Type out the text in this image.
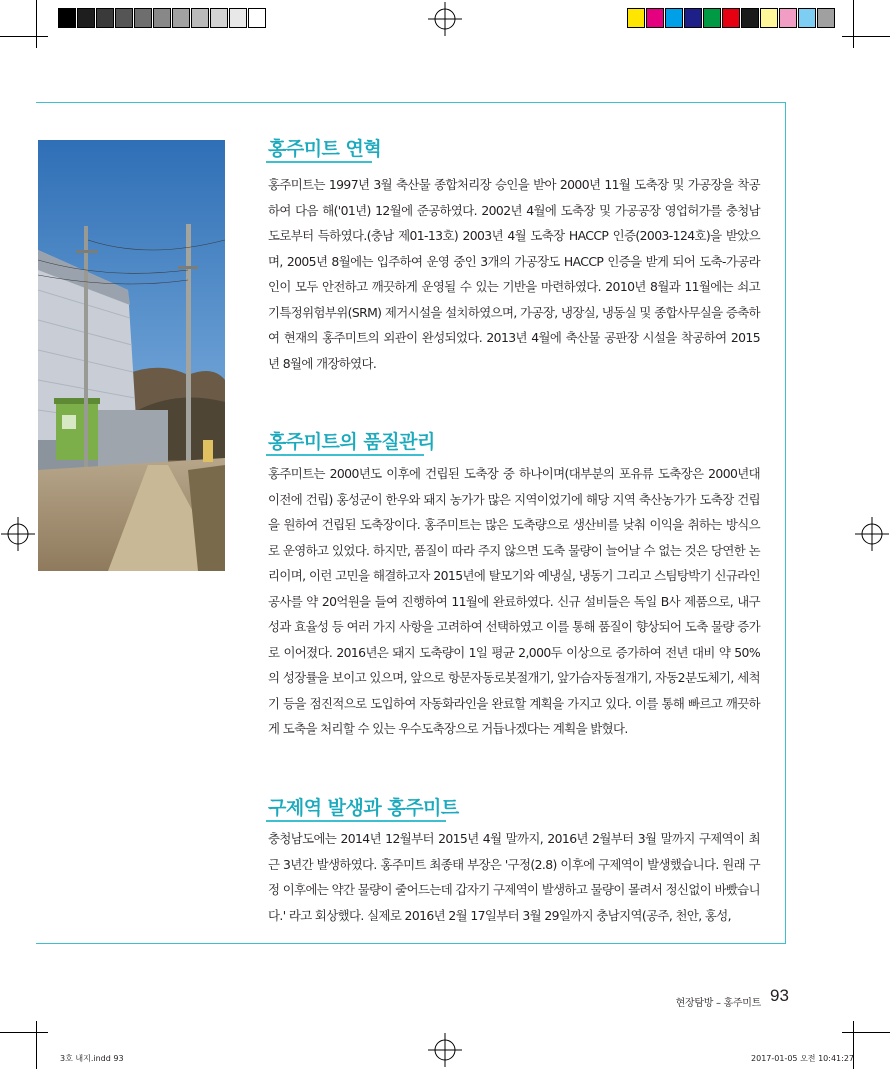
홍주미트 연혁
홍주미트는 1997년 3월 축산물 종합처리장 승인을 받아 2000년 11월 도축장 및 가공장을 착공하여 다음 해('01년) 12월에 준공하였다. 2002년 4월에 도축장 및 가공공장 영업허가를 충청남도로부터 득하였다.(충남 제01-13호) 2003년 4월 도축장 HACCP 인증(2003-124호)을 받았으며, 2005년 8월에는 입주하여 운영 중인 3개의 가공장도 HACCP 인증을 받게 되어 도축-가공라인이 모두 안전하고 깨끗하게 운영될 수 있는 기반을 마련하였다. 2010년 8월과 11월에는 쇠고기특정위험부위(SRM) 제거시설을 설치하였으며, 가공장, 냉장실, 냉동실 및 종합사무실을 증축하여 현재의 홍주미트의 외관이 완성되었다. 2013년 4월에 축산물 공판장 시설을 착공하여 2015년 8월에 개장하였다.
홍주미트의 품질관리
홍주미트는 2000년도 이후에 건립된 도축장 중 하나이며(대부분의 포유류 도축장은 2000년대 이전에 건립) 홍성군이 한우와 돼지 농가가 많은 지역이었기에 해당 지역 축산농가가 도축장 건립을 원하여 건립된 도축장이다. 홍주미트는 많은 도축량으로 생산비를 낮춰 이익을 취하는 방식으로 운영하고 있었다. 하지만, 품질이 따라 주지 않으면 도축 물량이 늘어날 수 없는 것은 당연한 논리이며, 이런 고민을 해결하고자 2015년에 탈모기와 예냉실, 냉동기 그리고 스팀탕박기 신규라인 공사를 약 20억원을 들여 진행하여 11월에 완료하였다. 신규 설비들은 독일 B사 제품으로, 내구성과 효율성 등 여러 가지 사항을 고려하여 선택하였고 이를 통해 품질이 향상되어 도축 물량 증가로 이어졌다. 2016년은 돼지 도축량이 1일 평균 2,000두 이상으로 증가하여 전년 대비 약 50%의 성장률을 보이고 있으며, 앞으로 항문자동로봇절개기, 앞가슴자동절개기, 자동2분도체기, 세척기 등을 점진적으로 도입하여 자동화라인을 완료할 계획을 가지고 있다. 이를 통해 빠르고 깨끗하게 도축을 처리할 수 있는 우수도축장으로 거듭나겠다는 계획을 밝혔다.
구제역 발생과 홍주미트
충청남도에는 2014년 12월부터 2015년 4월 말까지, 2016년 2월부터 3월 말까지 구제역이 최근 3년간 발생하였다. 홍주미트 최종태 부장은 '구정(2.8) 이후에 구제역이 발생했습니다. 원래 구정 이후에는 약간 물량이 줄어드는데 갑자기 구제역이 발생하고 물량이 몰려서 정신없이 바빴습니다.' 라고 회상했다. 실제로 2016년 2월 17일부터 3월 29일까지 충남지역(공주, 천안, 홍성,
현장탐방 – 홍주미트 93
3호 내지.indd 93	2017-01-05 오전 10:41:27
